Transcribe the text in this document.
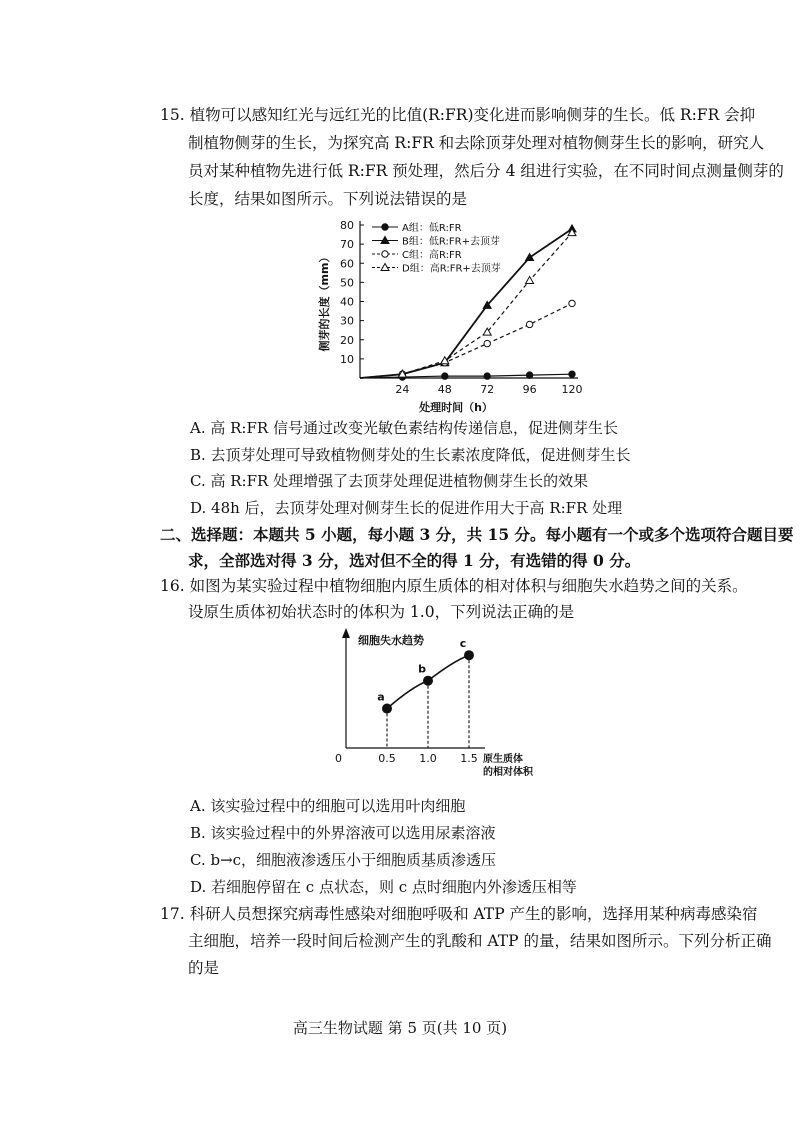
15. 植物可以感知红光与远红光的比值(R:FR)变化进而影响侧芽的生长。低 R:FR 会抑
制植物侧芽的生长，为探究高 R:FR 和去除顶芽处理对植物侧芽生长的影响，研究人
员对某种植物先进行低 R:FR 预处理，然后分 4 组进行实验，在不同时间点测量侧芽的
长度，结果如图所示。下列说法错误的是
10
20
30
40
50
60
70
80
24	48	72	96 120
处理时间（h）
侧芽的长度（mm）
A组：低R:FR
B组：低R:FR+去顶芽
C组：高R:FR
D组：高R:FR+去顶芽
A. 高 R:FR 信号通过改变光敏色素结构传递信息，促进侧芽生长
B. 去顶芽处理可导致植物侧芽处的生长素浓度降低，促进侧芽生长
C. 高 R:FR 处理增强了去顶芽处理促进植物侧芽生长的效果
D. 48h 后，去顶芽处理对侧芽生长的促进作用大于高 R:FR 处理
二、选择题：本题共 5 小题，每小题 3 分，共 15 分。每小题有一个或多个选项符合题目要
求，全部选对得 3 分，选对但不全的得 1 分，有选错的得 0 分。
16. 如图为某实验过程中植物细胞内原生质体的相对体积与细胞失水趋势之间的关系。
设原生质体初始状态时的体积为 1.0，下列说法正确的是
细胞失水趋势
0	原生质体
的相对体积
a
0.5
b
1.0
c
1.5
A. 该实验过程中的细胞可以选用叶肉细胞
B. 该实验过程中的外界溶液可以选用尿素溶液
C. b→c，细胞液渗透压小于细胞质基质渗透压
D. 若细胞停留在 c 点状态，则 c 点时细胞内外渗透压相等
17. 科研人员想探究病毒性感染对细胞呼吸和 ATP 产生的影响，选择用某种病毒感染宿
主细胞，培养一段时间后检测产生的乳酸和 ATP 的量，结果如图所示。下列分析正确
的是
高三生物试题 第 5 页(共 10 页)
